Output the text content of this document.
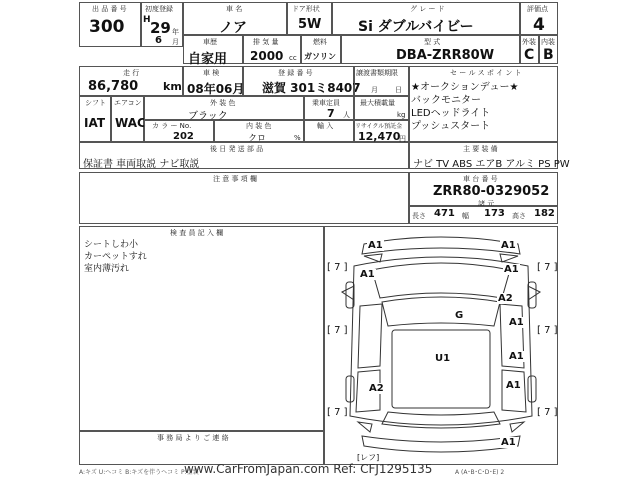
出 品 番 号
300
初度登録
H 29 年
6 月
車 名
ノア
ドア形状
5W
グ レ ー ド
Si ダブルバイビー
評価点
4
車歴
自家用
排 気 量
2000 cc
燃料
ガソリン
型 式
DBA-ZRR80W
外装
C
内装
B
走 行
86,780 km
車 検
08年06月
登 録 番 号
滋賀 301ミ8407
譲渡書類期限
月 日
セ ー ル ス ポ イ ン ト
★オークションデュー★
バックモニター
LEDヘッドライト
プッシュスタート
シフト
IAT
エアコン
WAC
外 装 色
ブラック
乗車定員
7 人
最大積載量
kg
カ ラ ー No.
202
内 装 色
クロ
輸 入
%
リサイクル預託金
12,470
円
後 日 発 送 部 品
保証書 車両取説 ナビ取説
主 要 装 備
ナビ TV ABS エアB アルミ PS PW
注 意 事 項 欄	車 台 番 号
ZRR80-0329052
諸 元
長さ 471 幅 173 高さ 182
検 査 員 記 入 欄
シートしわ小
カーペットすれ
室内薄汚れ
事 務 局 よ り ご 連 絡
A1	A1
A1	A1
G
A2
A1
U1	A1
A2	A1
A1
[ 7 ]	[ 7 ]
[ 7 ]	[ 7 ]
[ 7 ]	[ 7 ]
[レフ]
A:キズ U:ヘコミ B:キズを伴うヘコミ P:塗装
www.CarFromJapan.com Ref: CFJ1295135	A (A･B･C･D･E) 2
